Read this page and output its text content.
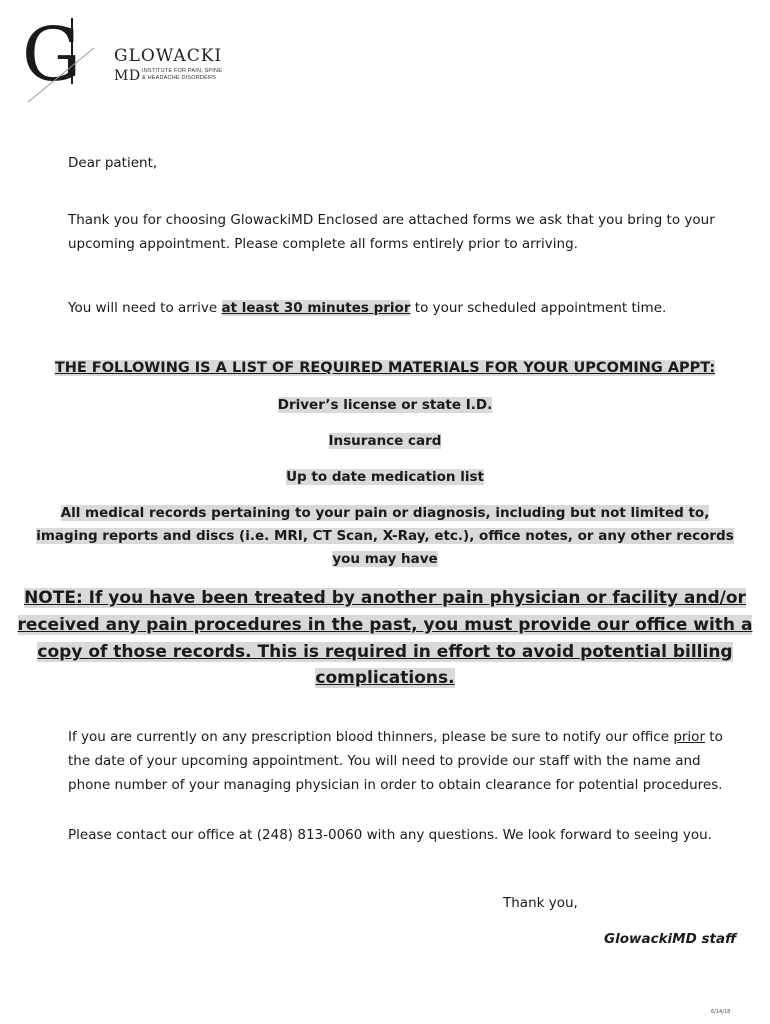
G GLOWACKI
MD INSTITUTE FOR PAIN, SPINE
& HEADACHE DISORDERS
Dear patient,
Thank you for choosing GlowackiMD Enclosed are attached forms we ask that you bring to your
upcoming appointment. Please complete all forms entirely prior to arriving.
You will need to arrive at least 30 minutes prior to your scheduled appointment time.
THE FOLLOWING IS A LIST OF REQUIRED MATERIALS FOR YOUR UPCOMING APPT:
Driver’s license or state I.D.
Insurance card
Up to date medication list
All medical records pertaining to your pain or diagnosis, including but not limited to,
imaging reports and discs (i.e. MRI, CT Scan, X-Ray, etc.), office notes, or any other records
you may have
NOTE: If you have been treated by another pain physician or facility and/or
received any pain procedures in the past, you must provide our office with a
copy of those records. This is required in effort to avoid potential billing
complications.
If you are currently on any prescription blood thinners, please be sure to notify our office prior to
the date of your upcoming appointment. You will need to provide our staff with the name and
phone number of your managing physician in order to obtain clearance for potential procedures.
Please contact our office at (248) 813-0060 with any questions. We look forward to seeing you.
Thank you,
GlowackiMD staff
6/14/18
